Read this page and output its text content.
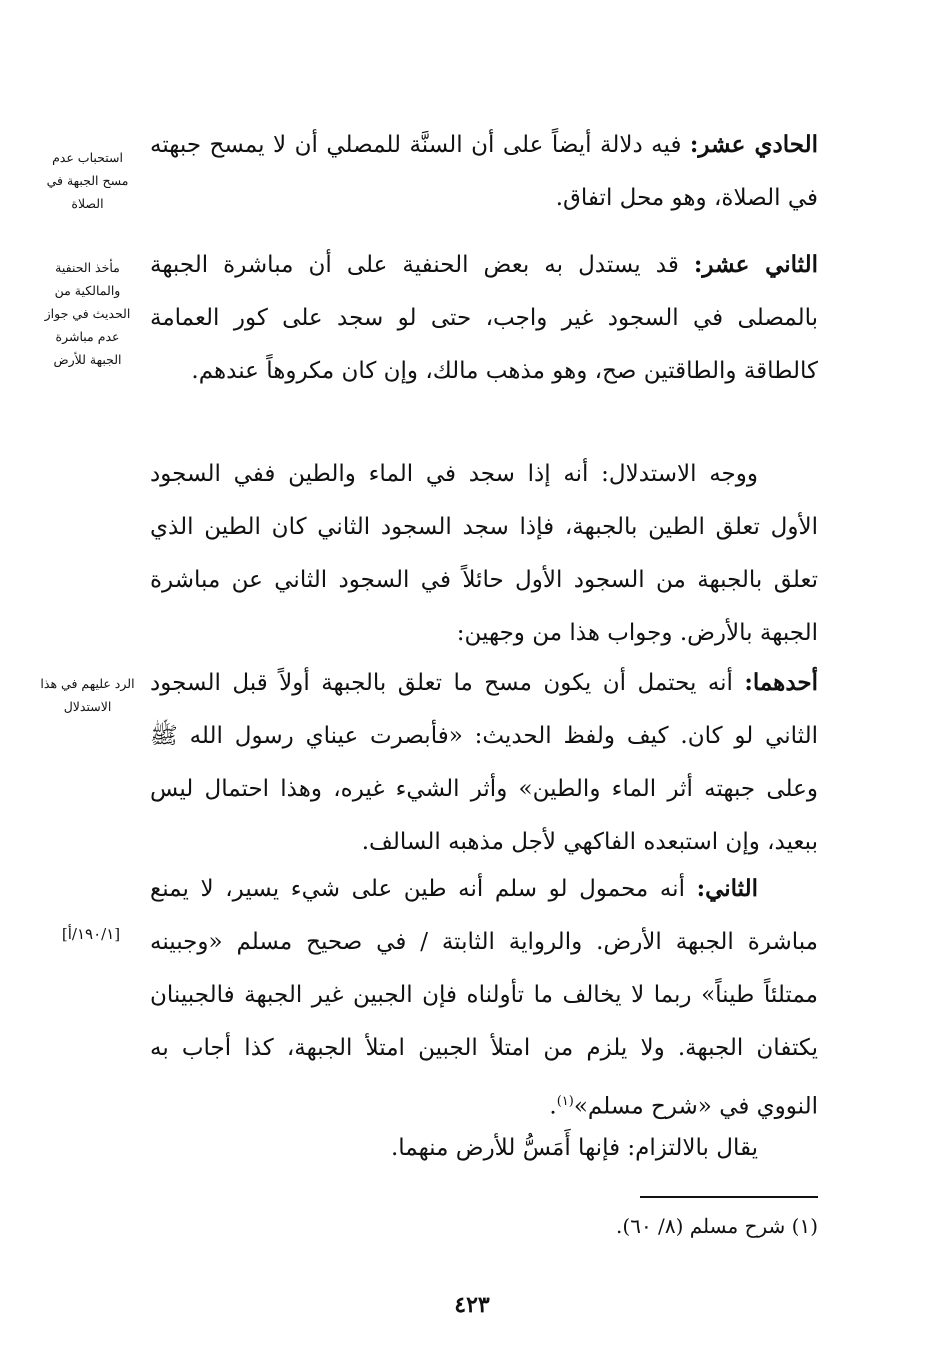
الحادي عشر: فيه دلالة أيضاً على أن السنَّة للمصلي أن لا يمسح جبهته في الصلاة، وهو محل اتفاق.

الثاني عشر: قد يستدل به بعض الحنفية على أن مباشرة الجبهة بالمصلى في السجود غير واجب، حتى لو سجد على كور العمامة كالطاقة والطاقتين صح، وهو مذهب مالك، وإن كان مكروهاً عندهم.

ووجه الاستدلال: أنه إذا سجد في الماء والطين ففي السجود الأول تعلق الطين بالجبهة، فإذا سجد السجود الثاني كان الطين الذي تعلق بالجبهة من السجود الأول حائلاً في السجود الثاني عن مباشرة الجبهة بالأرض. وجواب هذا من وجهين:

أحدهما: أنه يحتمل أن يكون مسح ما تعلق بالجبهة أولاً قبل السجود الثاني لو كان. كيف ولفظ الحديث: «فأبصرت عيناي رسول الله ﷺ وعلى جبهته أثر الماء والطين» وأثر الشيء غيره، وهذا احتمال ليس ببعيد، وإن استبعده الفاكهي لأجل مذهبه السالف.

الثاني: أنه محمول لو سلم أنه طين على شيء يسير، لا يمنع مباشرة الجبهة الأرض. والرواية الثابتة / في صحيح مسلم «وجبينه ممتلئاً طيناً» ربما لا يخالف ما تأولناه فإن الجبين غير الجبهة فالجبينان يكتفان الجبهة. ولا يلزم من امتلأ الجبين امتلأ الجبهة، كذا أجاب به النووي في «شرح مسلم»$^{(١)}$.

يقال بالالتزام: فإنها أَمَسُّ للأرض منهما.

استحباب عدم مسح الجبهة في الصلاة
مأخذ الحنفية والمالكية من الحديث في جواز عدم مباشرة الجبهة للأرض
الرد عليهم في هذا الاستدلال
[١٩٠/١/أ]
(١) شرح مسلم (٨/ ٦٠).
٤٢٣
